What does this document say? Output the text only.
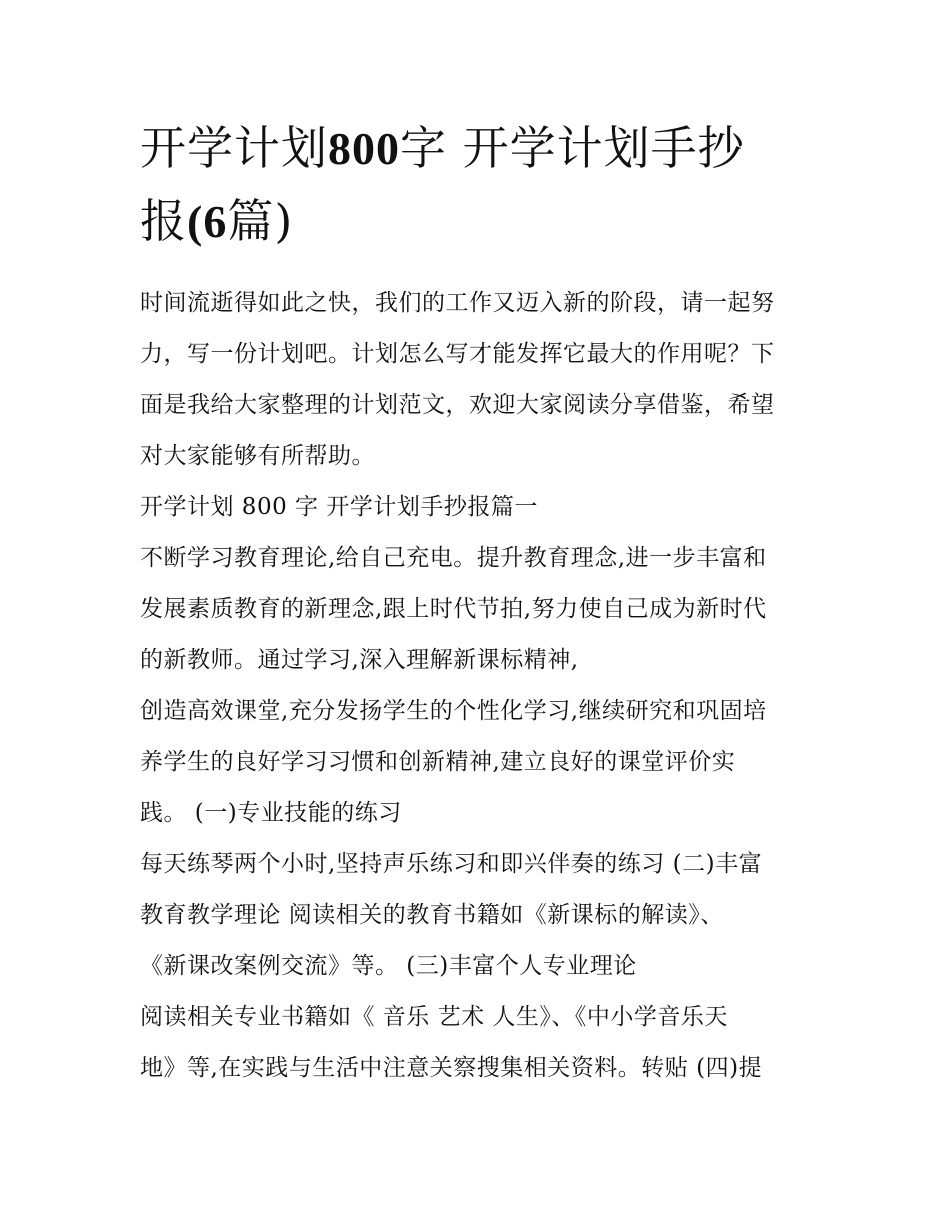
开学计划800字 开学计划手抄
报(6篇)
时间流逝得如此之快，我们的工作又迈入新的阶段，请一起努
力，写一份计划吧。计划怎么写才能发挥它最大的作用呢？下
面是我给大家整理的计划范文，欢迎大家阅读分享借鉴，希望
对大家能够有所帮助。
开学计划 800 字 开学计划手抄报篇一
不断学习教育理论,给自己充电。提升教育理念,进一步丰富和
发展素质教育的新理念,跟上时代节拍,努力使自己成为新时代
的新教师。通过学习,深入理解新课标精神,
创造高效课堂,充分发扬学生的个性化学习,继续研究和巩固培
养学生的良好学习习惯和创新精神,建立良好的课堂评价实
践。 (一)专业技能的练习
每天练琴两个小时,坚持声乐练习和即兴伴奏的练习 (二)丰富
教育教学理论 阅读相关的教育书籍如《新课标的解读》、
《新课改案例交流》等。 (三)丰富个人专业理论
阅读相关专业书籍如《 音乐 艺术 人生》、《中小学音乐天
地》等,在实践与生活中注意关察搜集相关资料。转贴 (四)提
